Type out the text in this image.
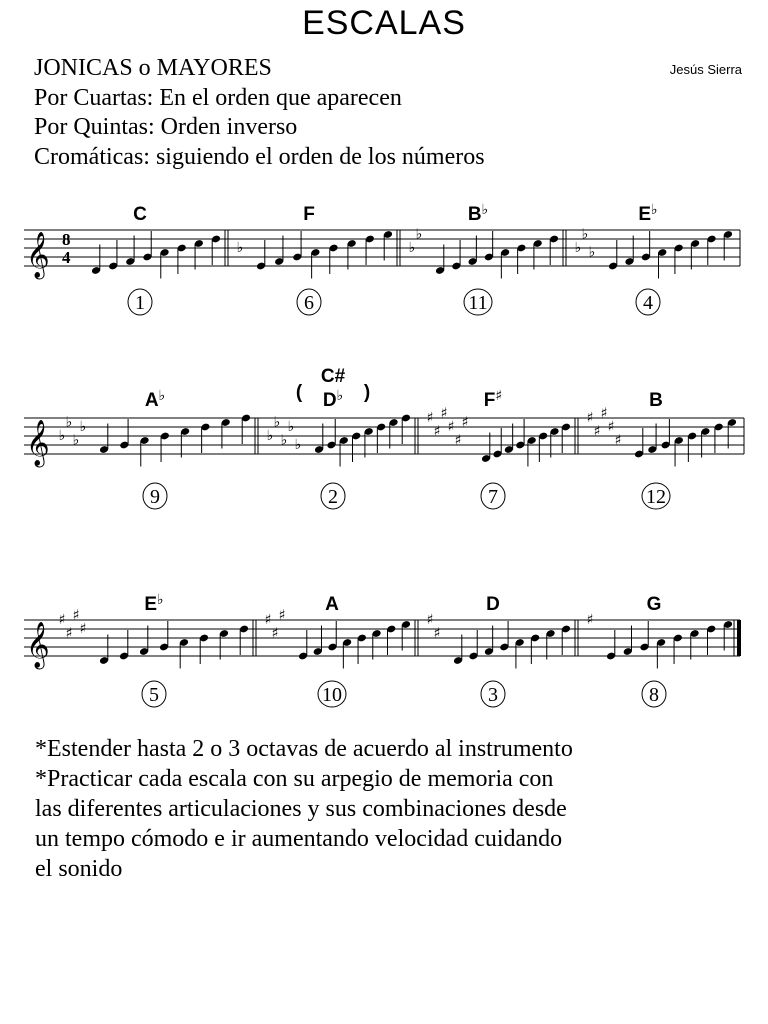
ESCALAS
JONICAS o MAYORES
Por Cuartas: En el orden que aparecen
Por Quintas: Orden inverso
Cromáticas: siguiendo el orden de los números
Jesús Sierra
𝄞 8
4
C
1
♭
F
6
♭
♭
B♭
11
♭
♭
♭
E♭
4
𝄞 ♭
♭
♭
♭
A♭
9
♭
♭
♭
♭
♭
D♭
C#
(	)
2
♯
♯
♯
♯
♯
♯
F♯
7
♯
♯
♯
♯
♯
B
12
𝄞
♯
♯
♯
♯
E♭
5
♯
♯
♯
A
10
♯
♯
D
3
♯
G
8
*Estender hasta 2 o 3 octavas de acuerdo al instrumento
*Practicar cada escala con su arpegio de memoria con
las diferentes articulaciones y sus combinaciones desde
un tempo cómodo e ir aumentando velocidad cuidando
el sonido
